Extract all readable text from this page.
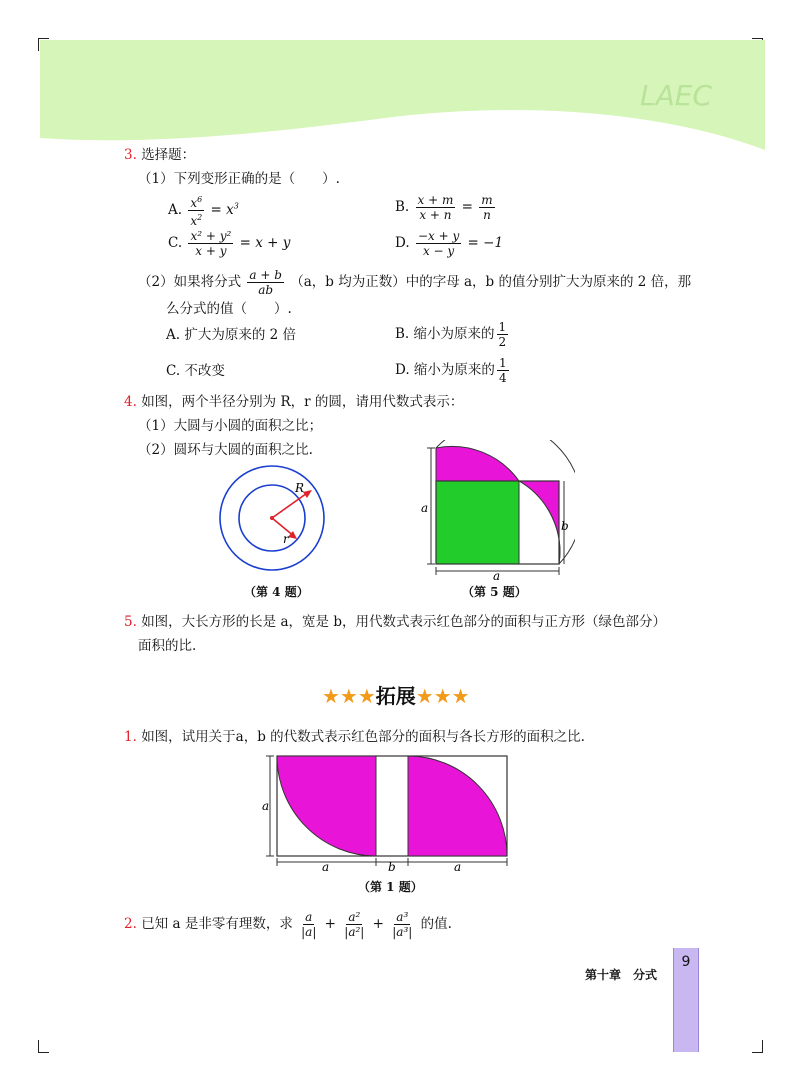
LAEC
3. 选择题：
（1）下列变形正确的是（　　）.
A. $\frac{x^6}{x^2} = x^3$	B. $\frac{x + m}{x + n} = \frac{m}{n}$
C. $\frac{\text{x² + y²}}{x + y} = x + y$	D. $\frac{-x + y}{x - y} = -1$
（2）如果将分式 $\frac{a + b}{ab} (a$，b 均为正数）中的字母 a，b 的值分别扩大为原来的 2 倍，那
么分式的值（　　）.
A. 扩大为原来的 2 倍	B. 缩小为原来的 $\frac{1}{2}$
C. 不改变	D. 缩小为原来的 $\frac{1}{4}$
4. 如图，两个半径分别为 R，r 的圆，请用代数式表示：
（1）大圆与小圆的面积之比；
（2）圆环与大圆的面积之比.
R
r
（第 4 题）
a
a
b
（第 5 题）
5. 如图，大长方形的长是 a，宽是 b，用代数式表示红色部分的面积与正方形（绿色部分）
面积的比.
★★★拓展★★★
1. 如图，试用关于a，b 的代数式表示红色部分的面积与各长方形的面积之比.
a
a	b	a
（第 1 题）
2. 已知 a 是非零有理数，求 $\frac{a}{|a|} + \frac{\text{a²}}{\text{|a²|}} + \frac{\text{a³}}{\text{|a³|}}$ 的值.
第十章　分式
9
